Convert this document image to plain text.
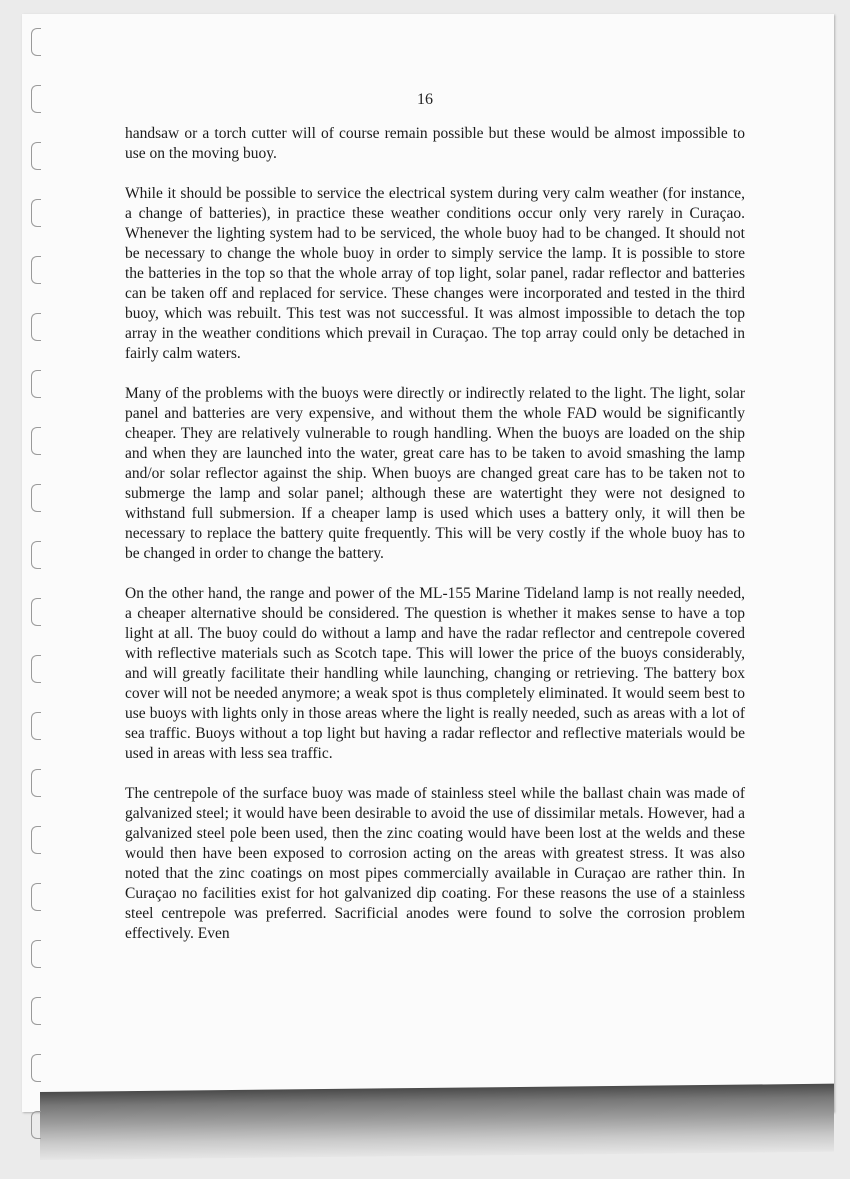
16

handsaw or a torch cutter will of course remain possible but these would be almost impossible to use on the moving buoy.

While it should be possible to service the electrical system during very calm weather (for instance, a change of batteries), in practice these weather conditions occur only very rarely in Curaçao. Whenever the lighting system had to be serviced, the whole buoy had to be changed. It should not be necessary to change the whole buoy in order to simply service the lamp. It is possible to store the batteries in the top so that the whole array of top light, solar panel, radar reflector and batteries can be taken off and replaced for service. These changes were incorporated and tested in the third buoy, which was rebuilt. This test was not successful. It was almost impossible to detach the top array in the weather conditions which prevail in Curaçao. The top array could only be detached in fairly calm waters.

Many of the problems with the buoys were directly or indirectly related to the light. The light, solar panel and batteries are very expensive, and without them the whole FAD would be significantly cheaper. They are relatively vulnerable to rough handling. When the buoys are loaded on the ship and when they are launched into the water, great care has to be taken to avoid smashing the lamp and/or solar reflector against the ship. When buoys are changed great care has to be taken not to submerge the lamp and solar panel; although these are watertight they were not designed to withstand full submersion. If a cheaper lamp is used which uses a battery only, it will then be necessary to replace the battery quite frequently. This will be very costly if the whole buoy has to be changed in order to change the battery.

On the other hand, the range and power of the ML-155 Marine Tideland lamp is not really needed, a cheaper alternative should be considered. The question is whether it makes sense to have a top light at all. The buoy could do without a lamp and have the radar reflector and centrepole covered with reflective materials such as Scotch tape. This will lower the price of the buoys considerably, and will greatly facilitate their handling while launching, changing or retrieving. The battery box cover will not be needed anymore; a weak spot is thus completely eliminated. It would seem best to use buoys with lights only in those areas where the light is really needed, such as areas with a lot of sea traffic. Buoys without a top light but having a radar reflector and reflective materials would be used in areas with less sea traffic.

The centrepole of the surface buoy was made of stainless steel while the ballast chain was made of galvanized steel; it would have been desirable to avoid the use of dissimilar metals. However, had a galvanized steel pole been used, then the zinc coating would have been lost at the welds and these would then have been exposed to corrosion acting on the areas with greatest stress. It was also noted that the zinc coatings on most pipes commercially available in Curaçao are rather thin. In Curaçao no facilities exist for hot galvanized dip coating. For these reasons the use of a stainless steel centrepole was preferred. Sacrificial anodes were found to solve the corrosion problem effectively. Even
